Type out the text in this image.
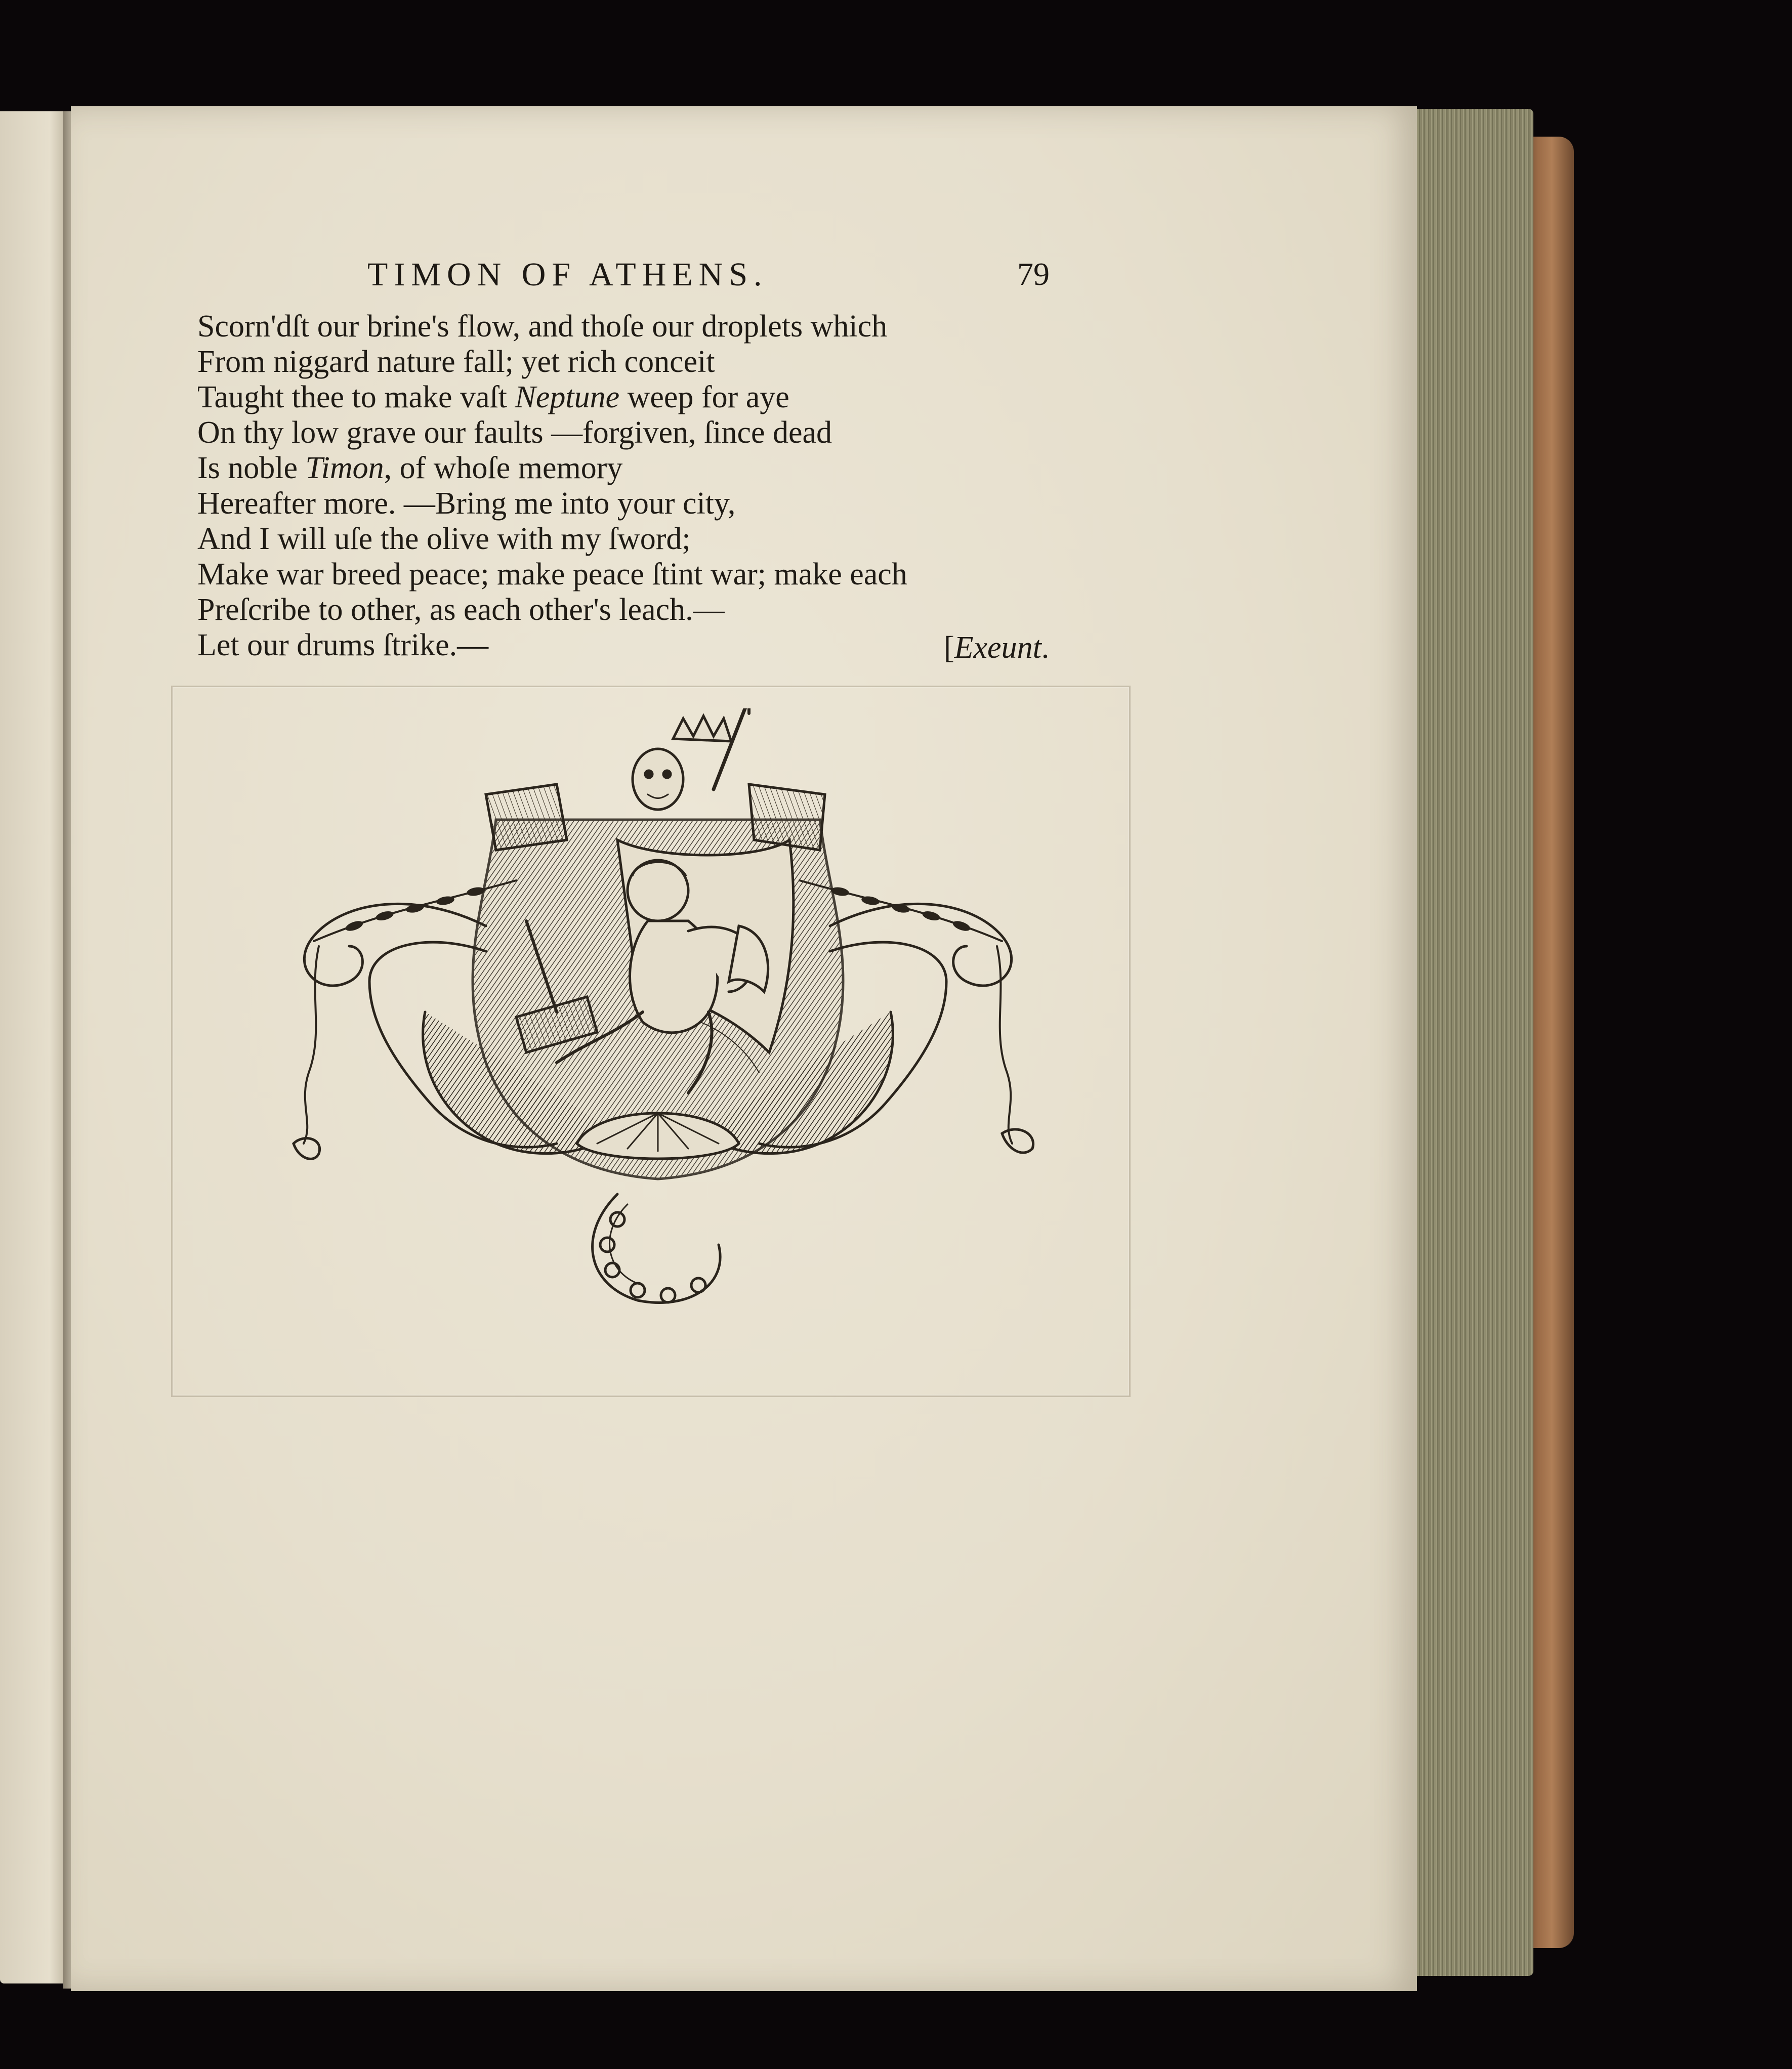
TIMON OF ATHENS.	79
Scorn'dſt our brine's flow, and thoſe our droplets which
From niggard nature fall; yet rich conceit
Taught thee to make vaſt Neptune weep for aye
On thy low grave our faults —forgiven, ſince dead
Is noble Timon, of whoſe memory
Hereafter more. —Bring me into your city,
And I will uſe the olive with my ſword;
Make war breed peace; make peace ſtint war; make each
Preſcribe to other, as each other's leach.—
Let our drums ſtrike.—	[Exeunt.
